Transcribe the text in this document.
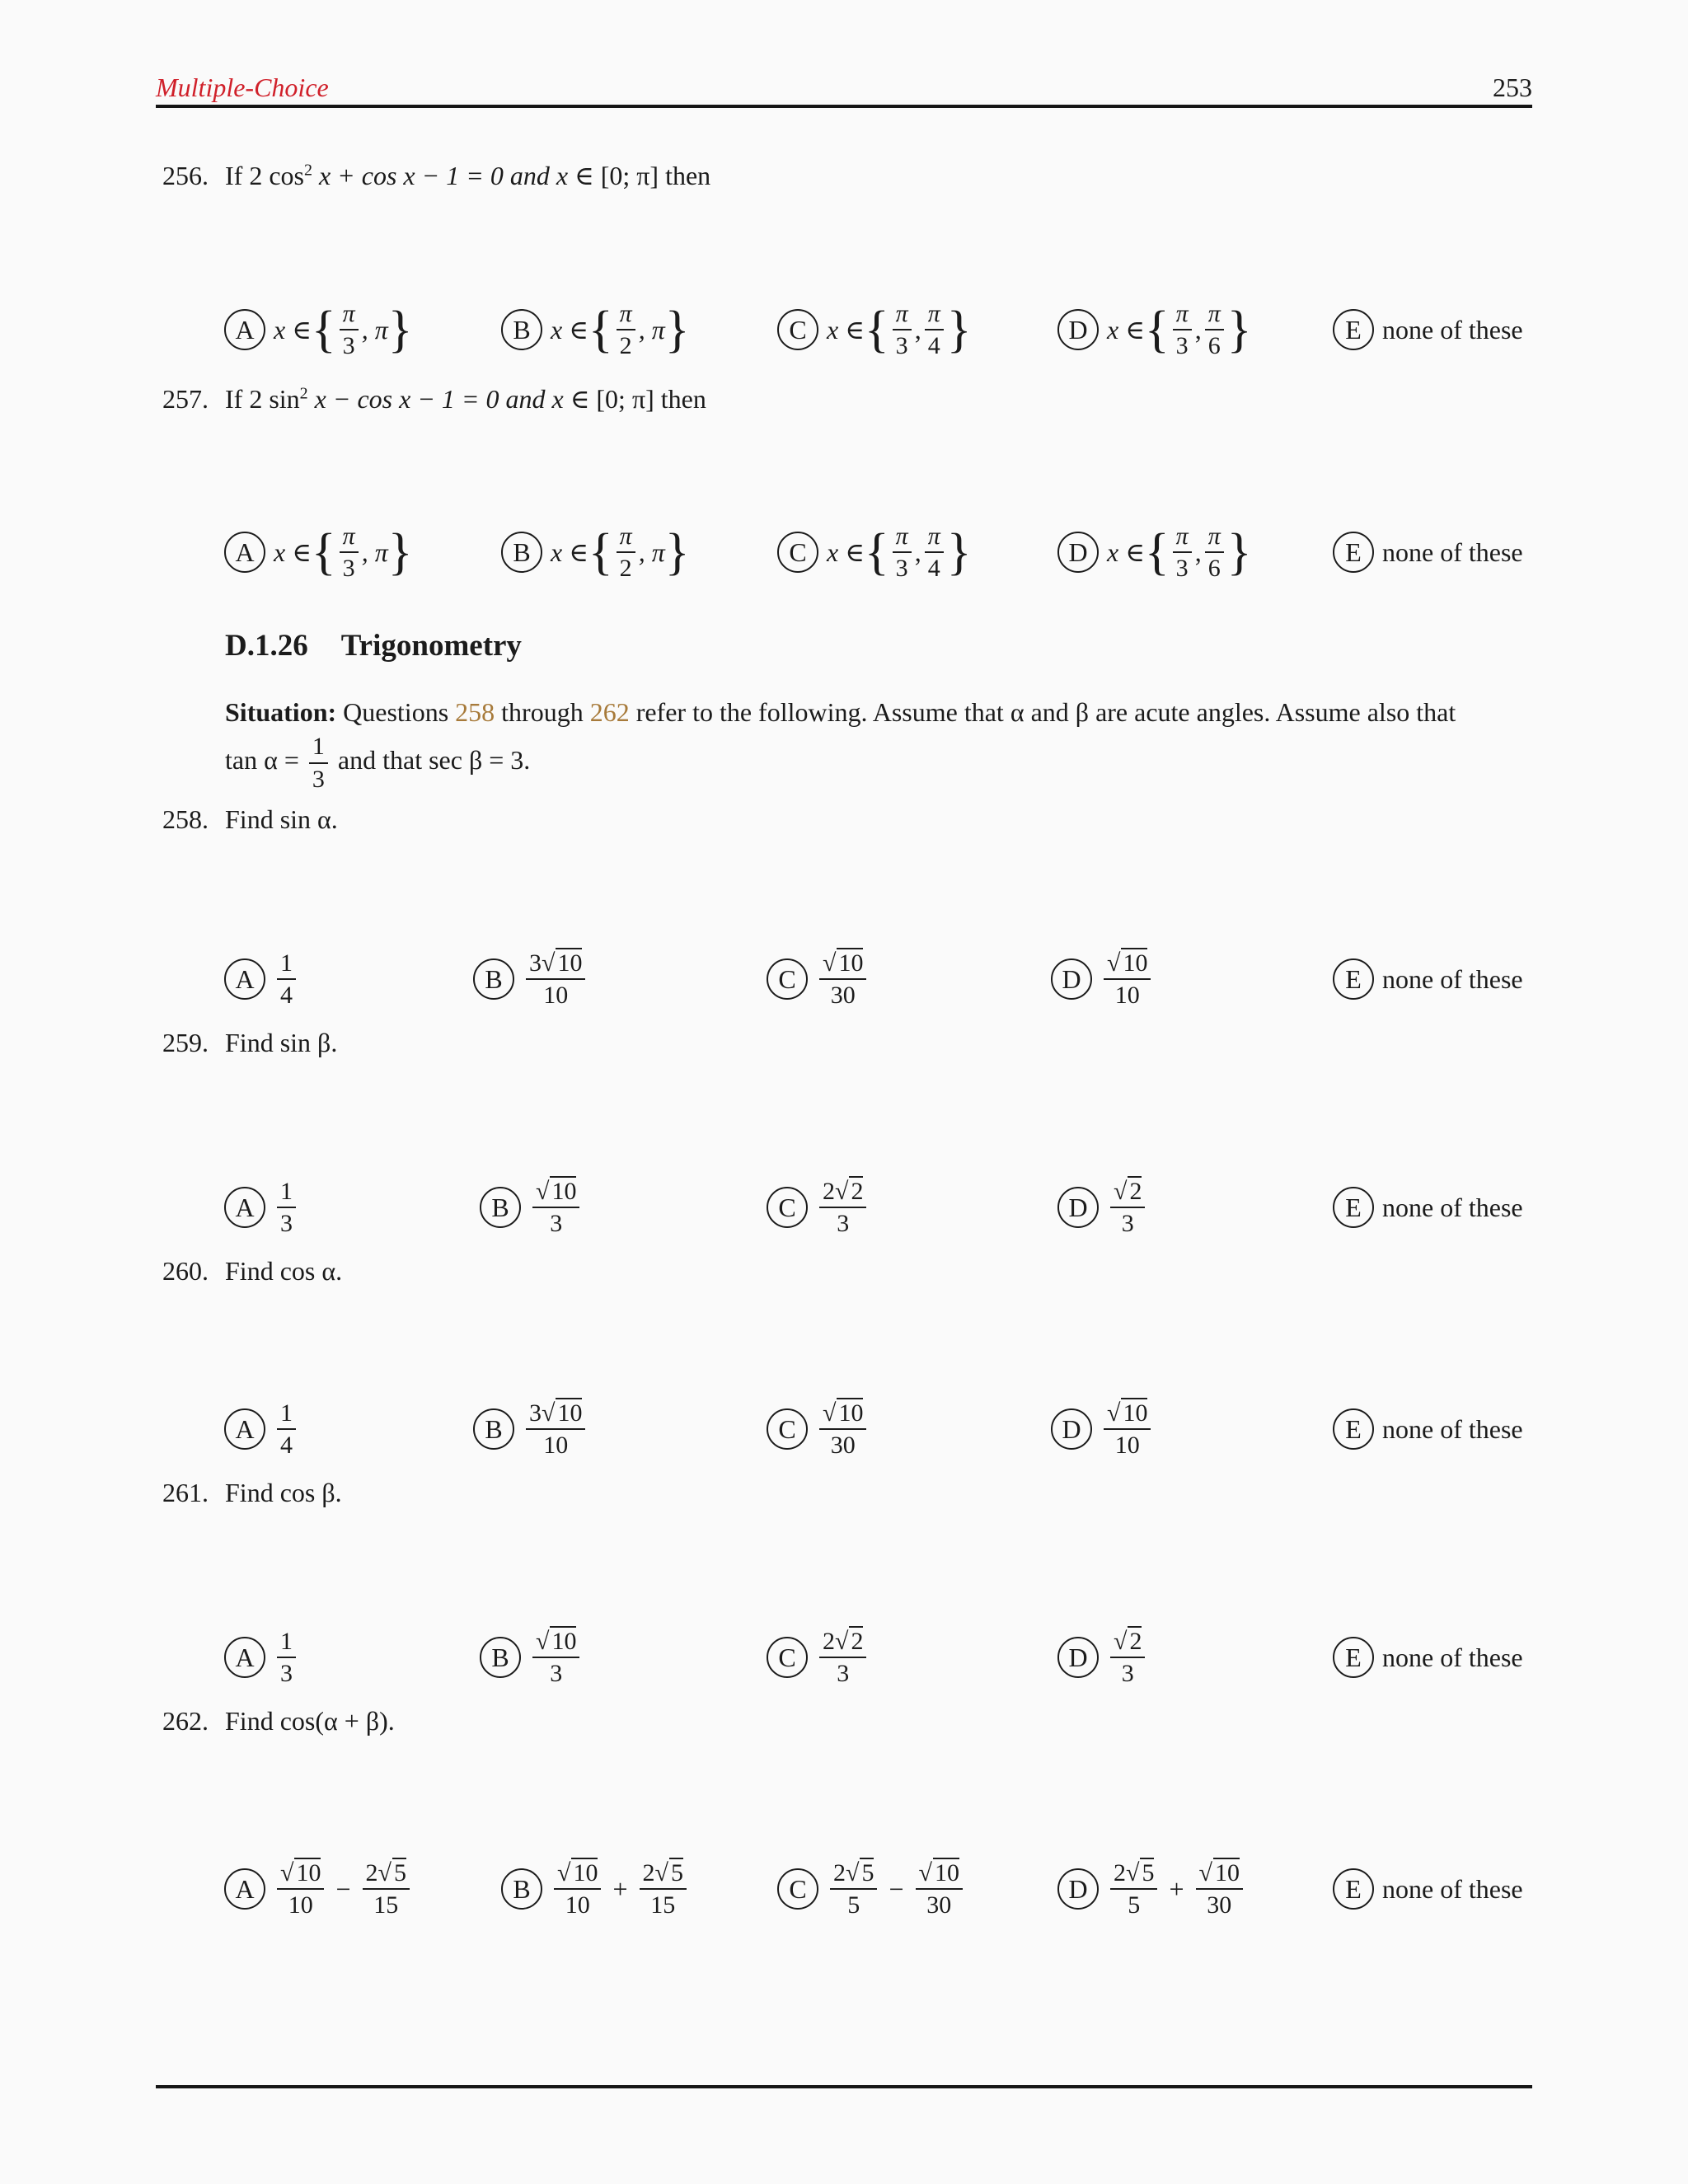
Multiple-Choice	253
256. If 2 $\cos^2 x + \cos x - 1 = 0$ and x ∈ [0; π] then
A x ∈ { $\frac{\pi}{3}$ , π }	B x ∈ { $\frac{\pi}{2}$ , π }	C x ∈ { $\frac{\pi}{3}$ , $\frac{\pi}{4}$ }	D x ∈ { $\frac{\pi}{3}$ , $\frac{\pi}{6}$ }	E none of these
257. If 2 $\sin^2 x - \cos x - 1 = 0$ and x ∈ [0; π] then
A x ∈ { $\frac{\pi}{3}$ , π }	B x ∈ { $\frac{\pi}{2}$ , π }	C x ∈ { $\frac{\pi}{3}$ , $\frac{\pi}{4}$ }	D x ∈ { $\frac{\pi}{3}$ , $\frac{\pi}{6}$ }	E none of these
D.1.26 Trigonometry
Situation: Questions 258 through 262 refer to the following. Assume that α and β are acute angles. Assume also that
$\tan \alpha = \frac{1}{3}$ and that sec β = 3.
258. Find sin α.
A $\frac{1}{4}$	B $\frac{3√ 10}{10}$	C $\frac{√ 10}{30}$	D $\frac{√ 10}{10}$	E none of these
259. Find sin β.
A $\frac{1}{3}$	B $\frac{√ 10}{3}$	C $\frac{2√ 2}{3}$	D $\frac{√ 2}{3}$	E none of these
260. Find cos α.
A $\frac{1}{4}$	B $\frac{3√ 10}{10}$	C $\frac{√ 10}{30}$	D $\frac{√ 10}{10}$	E none of these
261. Find cos β.
A $\frac{1}{3}$	B $\frac{√ 10}{3}$	C $\frac{2√ 2}{3}$	D $\frac{√ 2}{3}$	E none of these
262. Find cos(α + β).
A $\frac{√ 10}{10} - \frac{2√ 5}{15}$	B $\frac{√ 10}{10} + \frac{2√ 5}{15}$	C $\frac{2√ 5}{5} - \frac{√ 10}{30}$	D $\frac{2√ 5}{5} + \frac{√ 10}{30}$	E none of these
